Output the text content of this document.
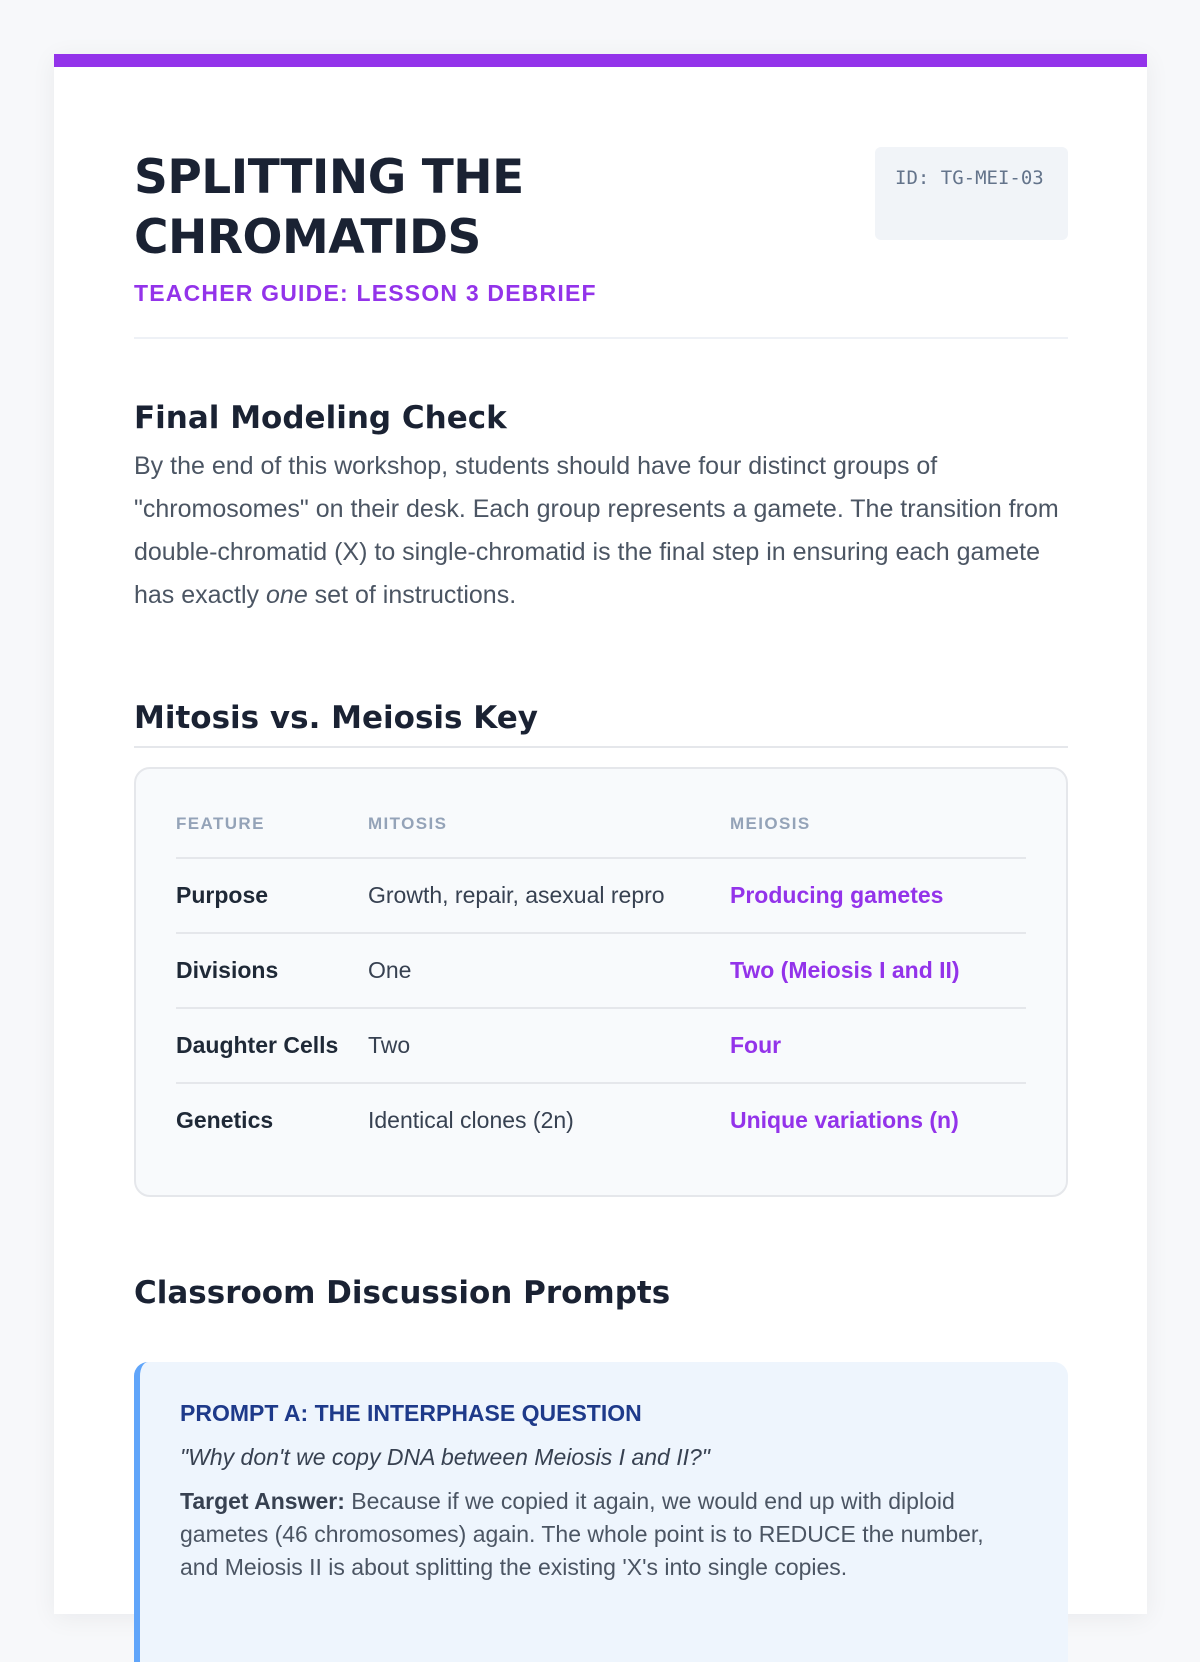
SPLITTING THE CHROMATIDS

TEACHER GUIDE: LESSON 3 DEBRIEF

ID: TG-MEI-03
Final Modeling Check

By the end of this workshop, students should have four distinct groups of "chromosomes" on their desk. Each group represents a gamete. The transition from double-chromatid (X) to single-chromatid is the final step in ensuring each gamete has exactly one set of instructions.

Mitosis vs. Meiosis Key
FEATURE	MITOSIS	MEIOSIS
Purpose	Growth, repair, asexual repro	Producing gametes
Divisions	One	Two (Meiosis I and II)
Daughter Cells	Two	Four
Genetics	Identical clones (2n)	Unique variations (n)
Classroom Discussion Prompts

PROMPT A: THE INTERPHASE QUESTION

"Why don't we copy DNA between Meiosis I and II?"

Target Answer: Because if we copied it again, we would end up with diploid gametes (46 chromosomes) again. The whole point is to REDUCE the number, and Meiosis II is about splitting the existing 'X's into single copies.
